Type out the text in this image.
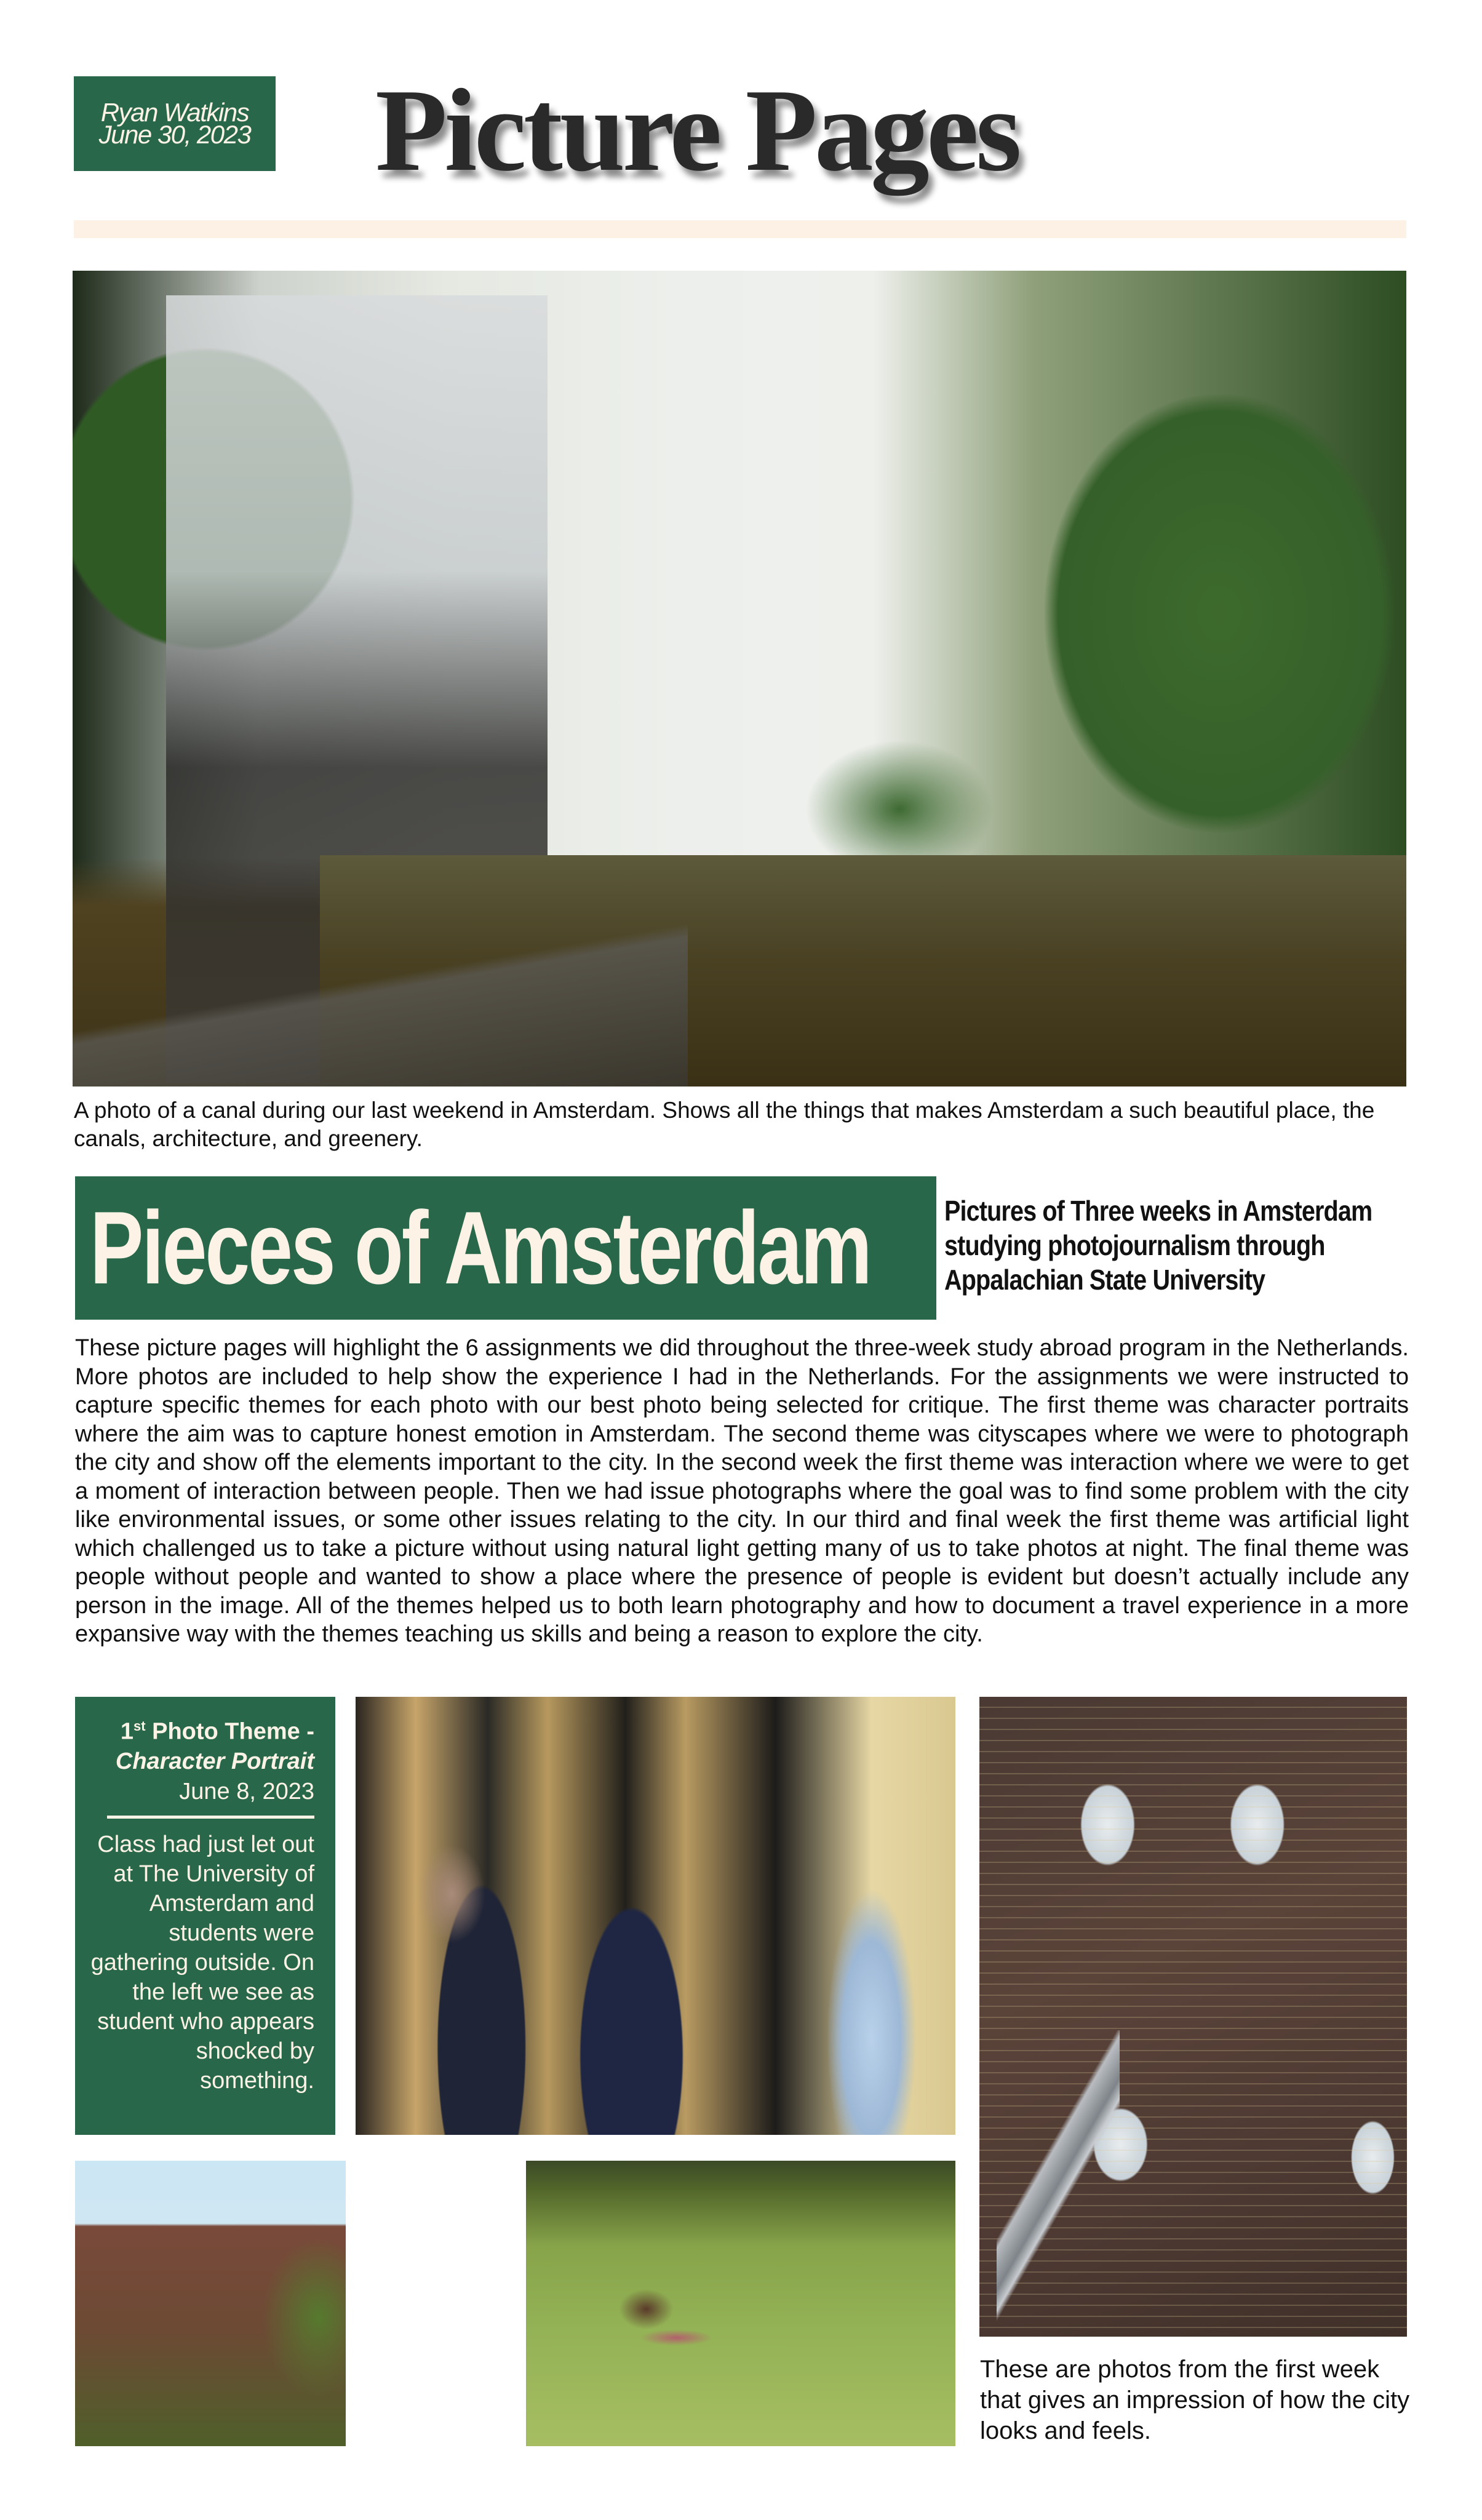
Ryan Watkins
June 30, 2023 Picture Pages
A photo of a canal during our last weekend in Amsterdam. Shows all the things that makes Amsterdam a such beautiful place, the canals, architecture, and greenery.
Pieces of Amsterdam	Pictures of Three weeks in Amsterdam
studying photojournalism through
Appalachian State University
These picture pages will highlight the 6 assignments we did throughout the three-week study abroad program in the Netherlands. More photos are included to help show the experience I had in the Netherlands. For the assignments we were instructed to capture specific themes for each photo with our best photo being selected for critique. The first theme was character portraits where the aim was to capture honest emotion in Amsterdam. The second theme was cityscapes where we were to photograph the city and show off the elements important to the city. In the second week the first theme was interaction where we were to get a moment of interaction between people. Then we had issue photographs where the goal was to find some problem with the city like environmental issues, or some other issues relating to the city. In our third and final week the first theme was artificial light which challenged us to take a picture without using natural light getting many of us to take photos at night. The final theme was people without people and wanted to show a place where the presence of people is evident but doesn’t actually include any person in the image. All of the themes helped us to both learn photography and how to document a travel experience in a more expansive way with the themes teaching us skills and being a reason to explore the city.
1st Photo Theme -
Character Portrait
June 8, 2023
Class had just let out at The University of Amsterdam and students were gathering outside. On the left we see as student who appears shocked by something.
These are photos from the first week that gives an impression of how the city looks and feels.
